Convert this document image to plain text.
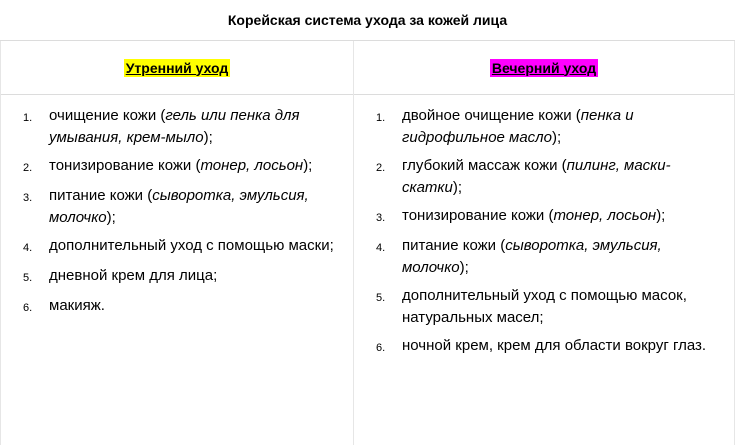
Корейская система ухода за кожей лица
Утренний уход
1.	очищение кожи (гель или пенка для умывания, крем-мыло);
2.	тонизирование кожи (тонер, лосьон);
3.	питание кожи (сыворотка, эмульсия, молочко);
4.	дополнительный уход с помощью маски;
5.	дневной крем для лица;
6.	макияж.
Вечерний уход
1.	двойное очищение кожи (пенка и гидрофильное масло);
2.	глубокий массаж кожи (пилинг, маски-скатки);
3.	тонизирование кожи (тонер, лосьон);
4.	питание кожи (сыворотка, эмульсия, молочко);
5.	дополнительный уход с помощью масок, натуральных масел;
6.	ночной крем, крем для области вокруг глаз.
